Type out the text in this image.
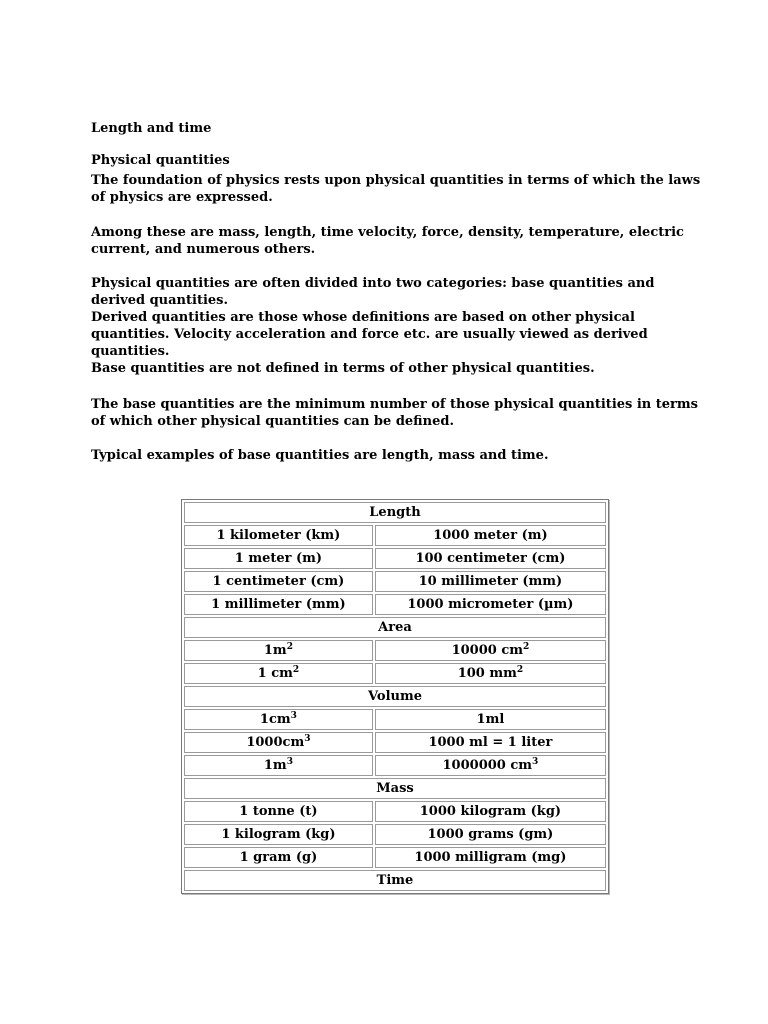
Length and time
Physical quantities
The foundation of physics rests upon physical quantities in terms of which the laws of physics are expressed.
Among these are mass, length, time velocity, force, density, temperature, electric current, and numerous others.
Physical quantities are often divided into two categories: base quantities and derived quantities.
Derived quantities are those whose definitions are based on other physical quantities. Velocity acceleration and force etc. are usually viewed as derived quantities.
Base quantities are not defined in terms of other physical quantities.
The base quantities are the minimum number of those physical quantities in terms of which other physical quantities can be defined.
Typical examples of base quantities are length, mass and time.
Length	
1 kilometer (km)	1000 meter (m)
1 meter (m)	100 centimeter (cm)
1 centimeter (cm)	10 millimeter (mm)
1 millimeter (mm)	1000 micrometer (µm)
Area	
$1m^2$	10000 $cm^2$
1 $cm^2$	100 $mm^2$
Volume	
$1cm^3$	1ml
$1000cm^3$	1000 ml = 1 liter
$1m^3$	1000000 $cm^3$
Mass	
1 tonne (t)	1000 kilogram (kg)
1 kilogram (kg)	1000 grams (gm)
1 gram (g)	1000 milligram (mg)
Time	
